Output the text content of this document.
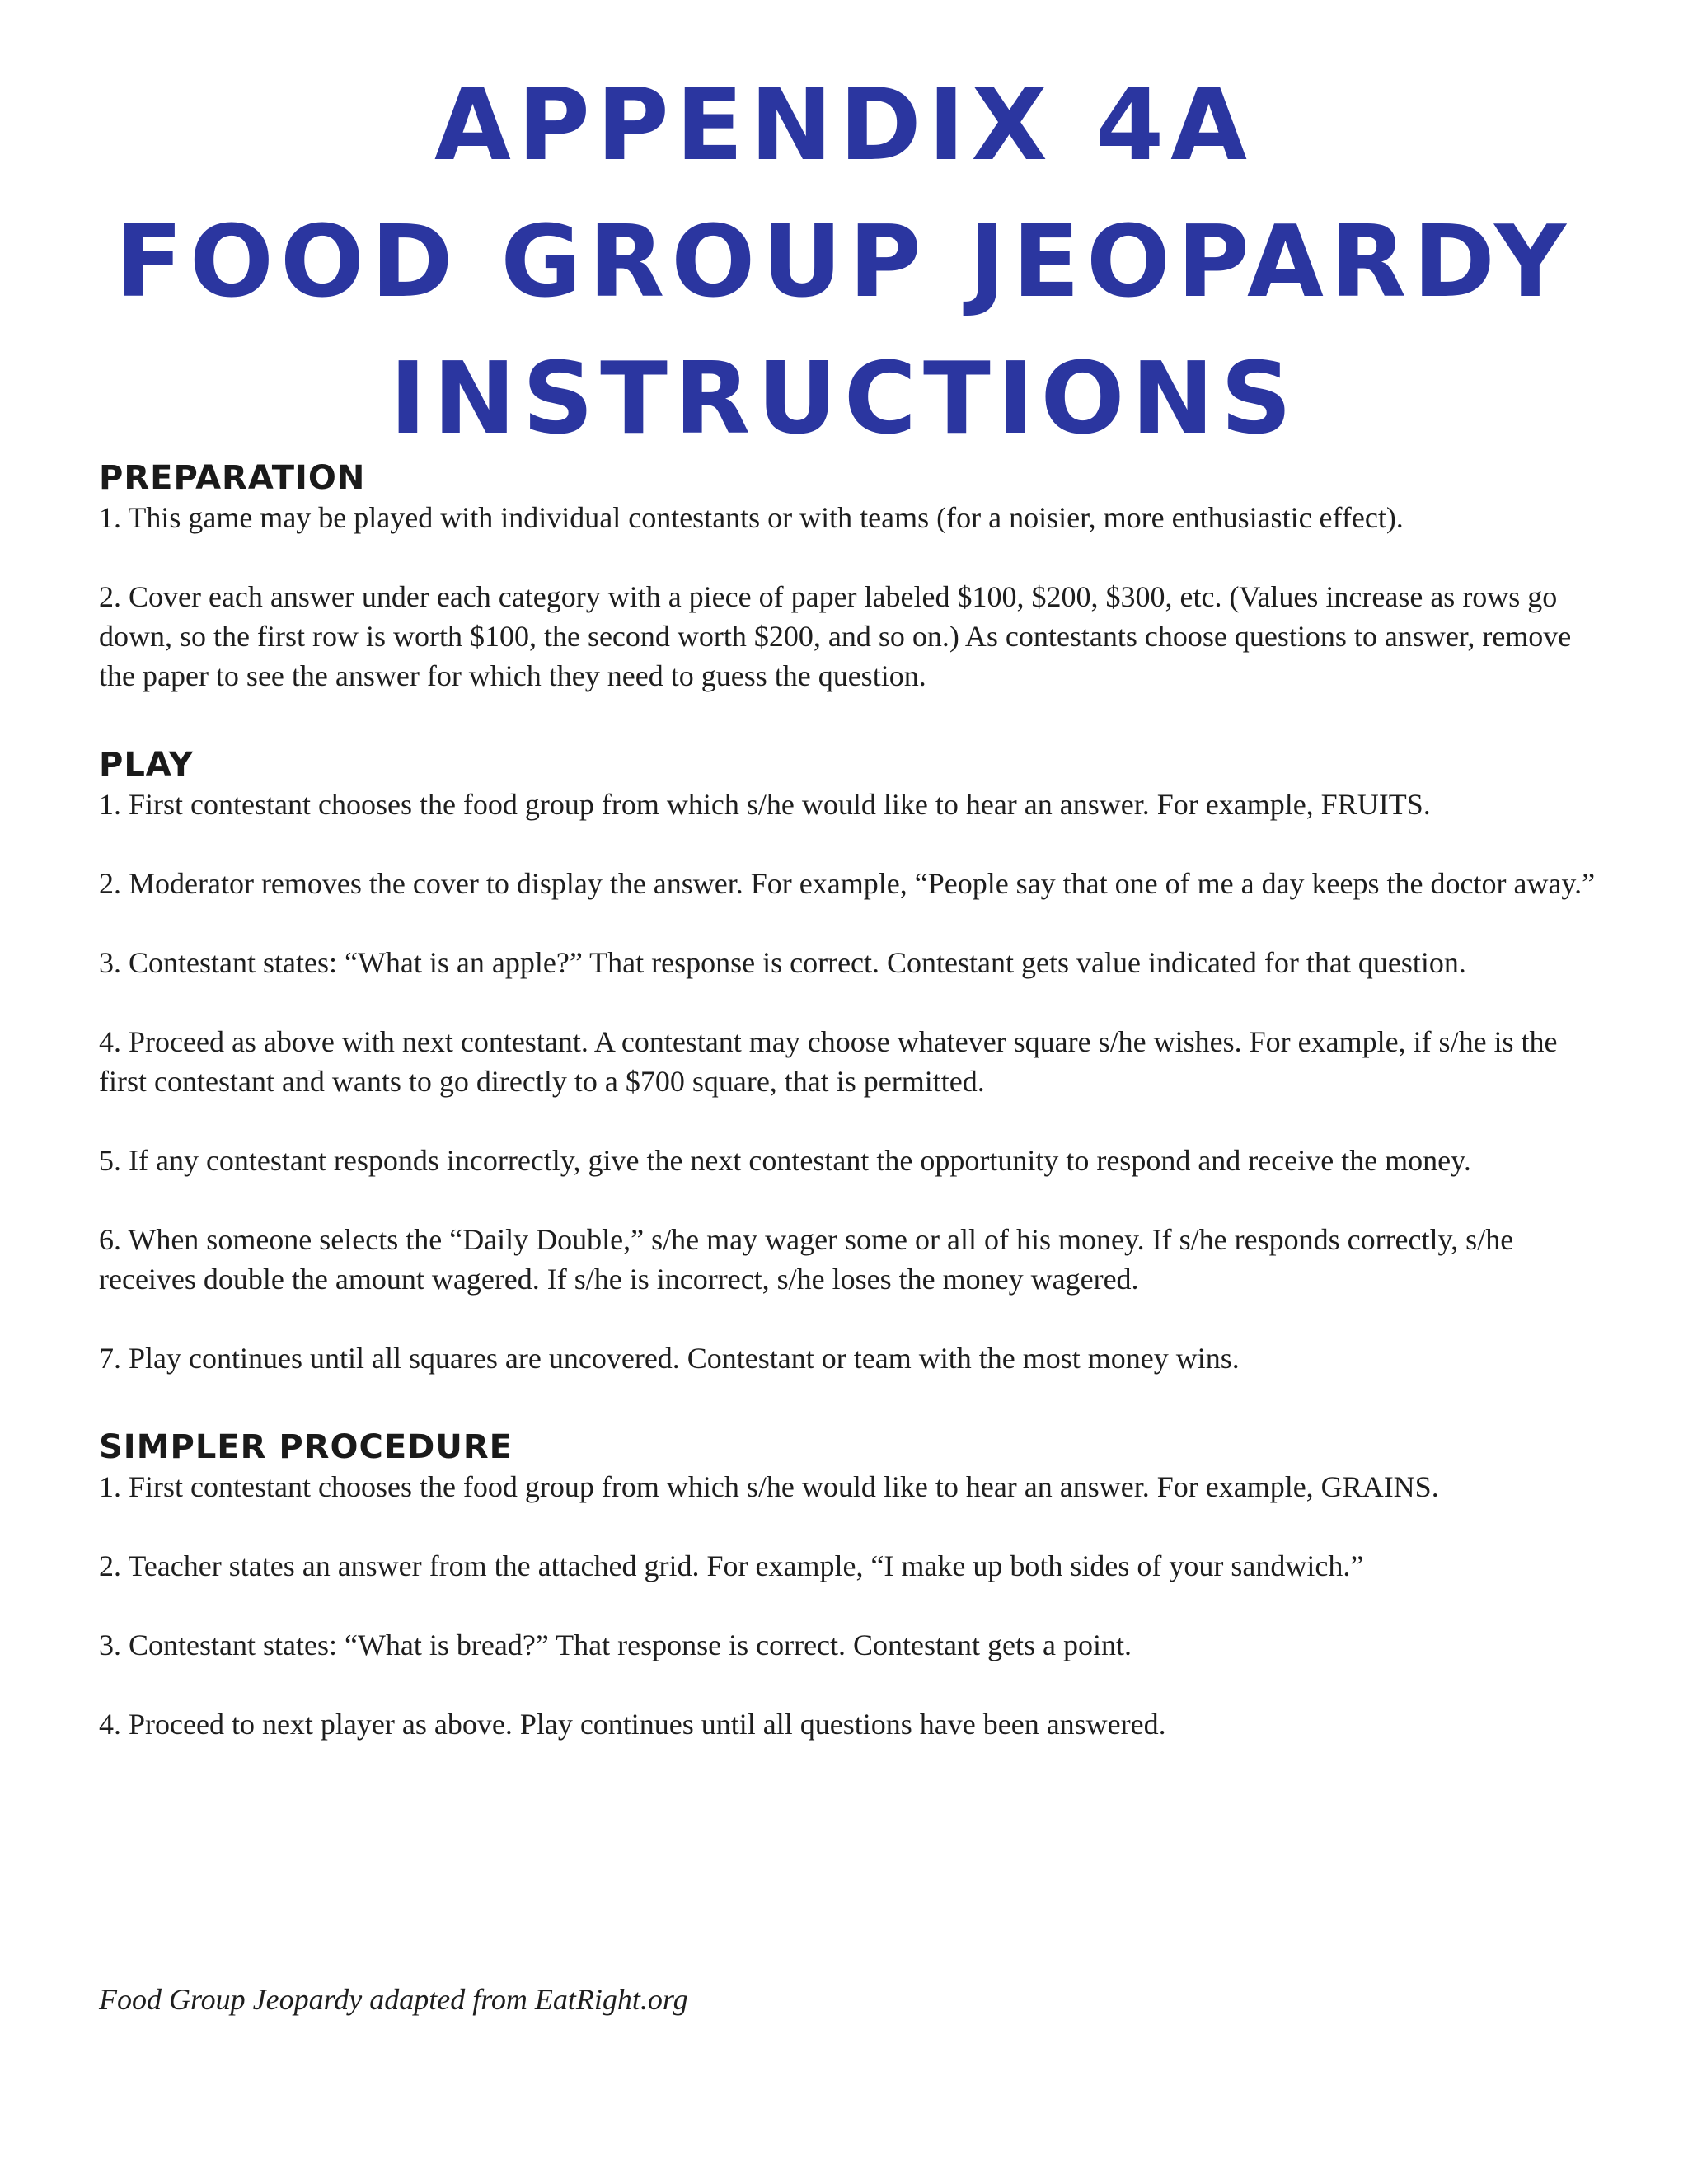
APPENDIX 4A
FOOD GROUP JEOPARDY
INSTRUCTIONS
PREPARATION

1. This game may be played with individual contestants or with teams (for a noisier, more enthusiastic effect).

2. Cover each answer under each category with a piece of paper labeled $100, $200, $300, etc. (Values increase as rows go down, so the first row is worth $100, the second worth $200, and so on.) As contestants choose questions to answer, remove the paper to see the answer for which they need to guess the question.

PLAY

1. First contestant chooses the food group from which s/he would like to hear an answer. For example, FRUITS.

2. Moderator removes the cover to display the answer. For example, “People say that one of me a day keeps the doctor away.”

3. Contestant states: “What is an apple?” That response is correct. Contestant gets value indicated for that question.

4. Proceed as above with next contestant. A contestant may choose whatever square s/he wishes. For example, if s/he is the first contestant and wants to go directly to a $700 square, that is permitted.

5. If any contestant responds incorrectly, give the next contestant the opportunity to respond and receive the money.

6. When someone selects the “Daily Double,” s/he may wager some or all of his money. If s/he responds correctly, s/he receives double the amount wagered. If s/he is incorrect, s/he loses the money wagered.

7. Play continues until all squares are uncovered. Contestant or team with the most money wins.

SIMPLER PROCEDURE

1. First contestant chooses the food group from which s/he would like to hear an answer. For example, GRAINS.

2. Teacher states an answer from the attached grid. For example, “I make up both sides of your sandwich.”

3. Contestant states: “What is bread?” That response is correct. Contestant gets a point.

4. Proceed to next player as above. Play continues until all questions have been answered.

Food Group Jeopardy adapted from EatRight.org
